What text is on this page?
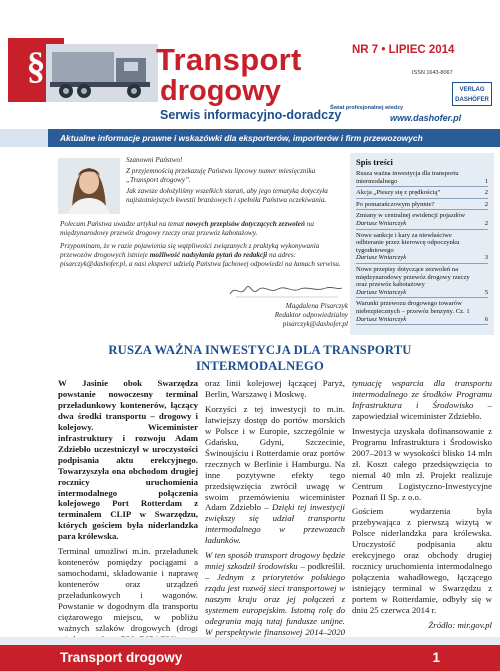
§	Transport
drogowy
Serwis informacyjno-doradczy
NR 7 • LIPIEC 2014
ISSN 1643-8067
VERLAG
DASHÖFER
Świat profesjonalnej wiedzy
www.dashofer.pl
Aktualne informacje prawne i wskazówki dla eksporterów, importerów i firm przewozowych

Szanowni Państwo!

Z przyjemnością przekazuję Państwu lipcowy numer miesięcznika „Transport drogowy”.

Jak zawsze dołożyliśmy wszelkich starań, aby jego tematyka dotyczyła najistotniejszych kwestii branżowych i spełniła Państwa oczekiwania.

Polecam Państwa uwadze artykuł na temat nowych przepisów dotyczących zezwoleń na międzynarodowy przewóz drogowy rzeczy oraz przewóz kabotażowy.

Przypominam, że w razie pojawienia się wątpliwości związanych z praktyką wykonywania przewozów drogowych istnieje możliwość nadsyłania pytań do redakcji na adres: pisarczyk@dashofer.pl, a nasi eksperci udzielą Państwu fachowej odpowiedzi na łamach serwisu.

Magdalena Pisarczyk
Redaktor odpowiedzialny
pisarczyk@dashofer.pl
Spis treści
Rusza ważna inwestycja dla transportu intermodalnego	1
Akcja „Pieszy się z prędkością”	2
Po pomarańczowym płynnie?	2
Zmiany w centralnej ewidencji pojazdów
Dariusz Wniarczyk	2
Nowe sankcje i kary za niewłaściwe odbieranie przez kierowcę odpoczynku tygodniowego
Dariusz Wniarczyk	3
Nowe przepisy dotyczące zezwoleń na międzynarodowy przewóz drogowy rzeczy oraz przewóz kabotażowy
Dariusz Wniarczyk	5
Warunki przewozu drogowego towarów niebezpiecznych – przewóz benzyny. Cz. 1
Dariusz Wniarczyk	6
RUSZA WAŻNA INWESTYCJA DLA TRANSPORTU INTERMODALNEGO

W Jasinie obok Swarzędza powstanie nowoczesny terminal przeładunkowy kontenerów, łączący dwa środki transportu – drogowy i kolejowy. Wiceminister infrastruktury i rozwoju Adam Zdziebło uczestniczył w uroczystości podpisania aktu erekcyjnego. Towarzyszyła ona obchodom drugiej rocznicy uruchomienia intermodalnego połączenia kolejowego Port Rotterdam z terminalem CLIP w Swarzędzu, których gościem była niderlandzka para królewska.

Terminal umożliwi m.in. przeładunek kontenerów pomiędzy pociągami a samochodami, składowanie i naprawę kontenerów oraz urządzeń przeładunkowych i wagonów. Powstanie w dogodnym dla transportu ciężarowego miejscu, w pobliżu ważnych szlaków drogowych (drogi

oraz linii kolejowej łączącej Paryż, Berlin, Warszawę i Moskwę.

Korzyści z tej inwestycji to m.in. łatwiejszy dostęp do portów morskich w Polsce i w Europie, szczególnie w Gdańsku, Gdyni, Szczecinie, Świnoujściu i Rotterdamie oraz portów rzecznych w Berlinie i Hamburgu. Na inne pozytywne efekty tego przedsięwzięcia zwrócił uwagę w swoim przemówieniu wiceminister Adam Zdziebło – Dzięki tej inwestycji zwiększy się udział transportu intermodalnego w przewozach ładunków.

W ten sposób transport drogowy będzie mniej szkodził środowisku – podkreślił. – Jednym z priorytetów polskiego rządu jest rozwój sieci transportowej w naszym kraju oraz jej połączeń z systemem europejskim. Istotną rolę do odegrania mają tutaj fundusze unijne. W perspektywie finansowej 2014–2020

tynuację wsparcia dla transportu intermodalnego ze środków Programu Infrastruktura i Środowisko – zapowiedział wiceminister Zdziebło.

Inwestycja uzyskała dofinansowanie z Programu Infrastruktura i Środowisko 2007–2013 w wysokości blisko 14 mln zł. Koszt całego przedsięwzięcia to niemal 40 mln zł. Projekt realizuje Centrum Logistyczno-Inwestycyjne Poznań II Sp. z o.o.

Gościem wydarzenia była przebywająca z pierwszą wizytą w Polsce niderlandzka para królewska. Uroczystość podpisania aktu erekcyjnego oraz obchody drugiej rocznicy uruchomienia intermodalnego połączenia wahadłowego, łączącego istniejący terminal w Swarzędzu z portem w Rotterdamie, odbyły się w dniu 25 czerwca 2014 r.

Źródło: mir.gov.pl

Transport drogowy	1
